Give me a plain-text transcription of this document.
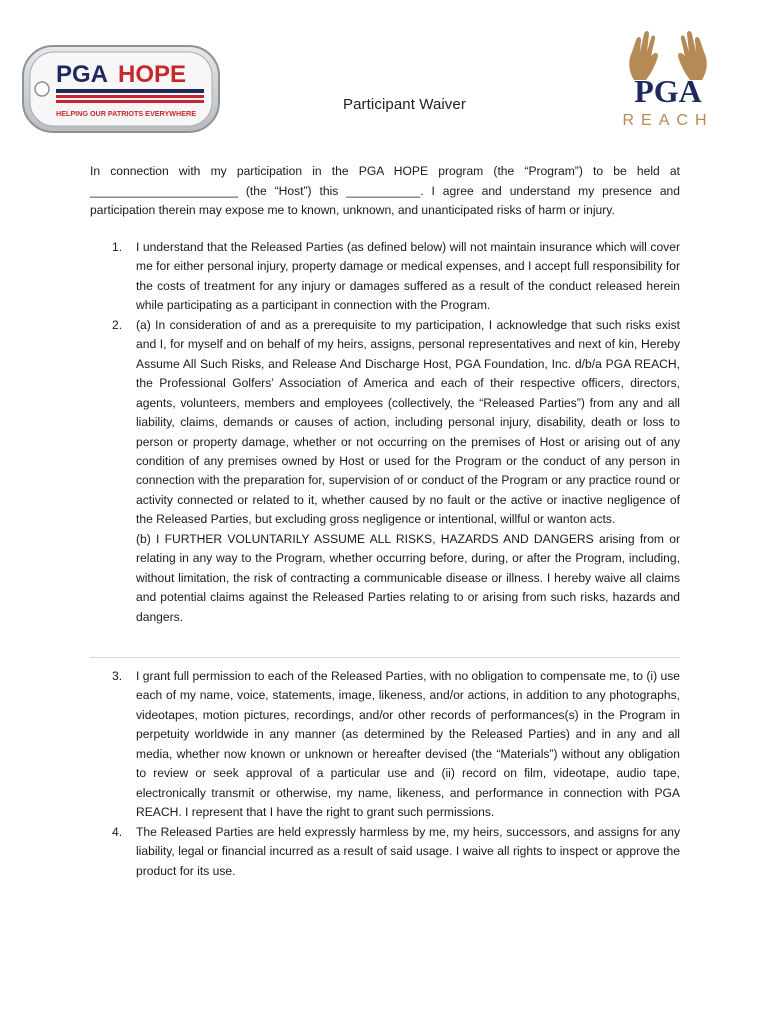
PGA HOPE
HELPING OUR PATRIOTS EVERYWHERE
PGA
REACH
Participant Waiver

In connection with my participation in the PGA HOPE program (the “Program”) to be held at ______________________ (the “Host”) this ___________. I agree and understand my presence and participation therein may expose me to known, unknown, and unanticipated risks of harm or injury.

1.	I understand that the Released Parties (as defined below) will not maintain insurance which will cover me for either personal injury, property damage or medical expenses, and I accept full responsibility for the costs of treatment for any injury or damages suffered as a result of the conduct released herein while participating as a participant in connection with the Program.

2.	(a) In consideration of and as a prerequisite to my participation, I acknowledge that such risks exist and I, for myself and on behalf of my heirs, assigns, personal representatives and next of kin, Hereby Assume All Such Risks, and Release And Discharge Host, PGA Foundation, Inc. d/b/a PGA REACH, the Professional Golfers’ Association of America and each of their respective officers, directors, agents, volunteers, members and employees (collectively, the “Released Parties”) from any and all liability, claims, demands or causes of action, including personal injury, disability, death or loss to person or property damage, whether or not occurring on the premises of Host or arising out of any condition of any premises owned by Host or used for the Program or the conduct of any person in connection with the preparation for, supervision of or conduct of the Program or any practice round or activity connected or related to it, whether caused by no fault or the active or inactive negligence of the Released Parties, but excluding gross negligence or intentional, willful or wanton acts.

(b) I FURTHER VOLUNTARILY ASSUME ALL RISKS, HAZARDS AND DANGERS arising from or relating in any way to the Program, whether occurring before, during, or after the Program, including, without limitation, the risk of contracting a communicable disease or illness. I hereby waive all claims and potential claims against the Released Parties relating to or arising from such risks, hazards and dangers.

3.	I grant full permission to each of the Released Parties, with no obligation to compensate me, to (i) use each of my name, voice, statements, image, likeness, and/or actions, in addition to any photographs, videotapes, motion pictures, recordings, and/or other records of performances(s) in the Program in perpetuity worldwide in any manner (as determined by the Released Parties) and in any and all media, whether now known or unknown or hereafter devised (the “Materials”) without any obligation to review or seek approval of a particular use and (ii) record on film, videotape, audio tape, electronically transmit or otherwise, my name, likeness, and performance in connection with PGA REACH. I represent that I have the right to grant such permissions.

4.	The Released Parties are held expressly harmless by me, my heirs, successors, and assigns for any liability, legal or financial incurred as a result of said usage. I waive all rights to inspect or approve the product for its use.
